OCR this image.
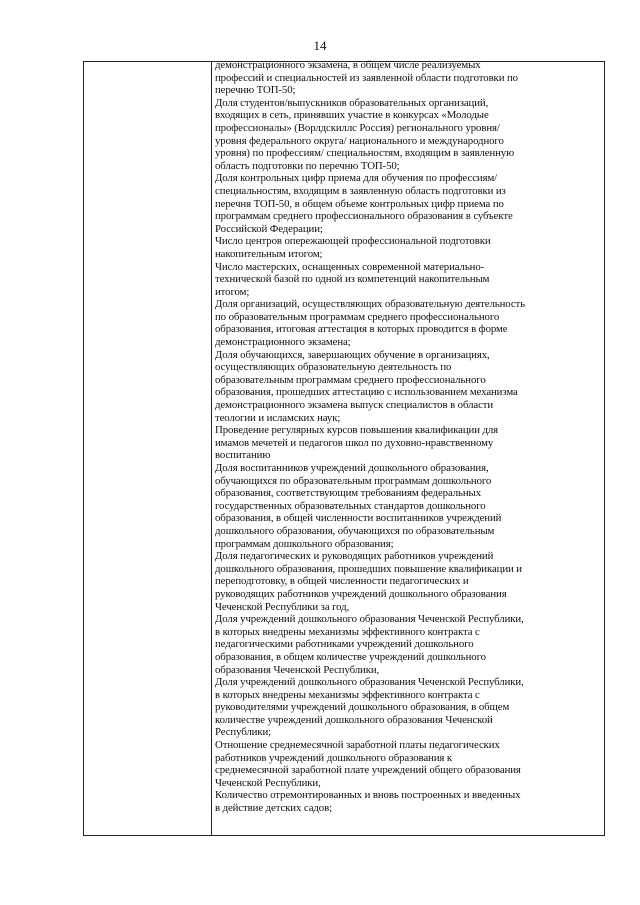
14
демонстрационного экзамена, в общем числе реализуемых
профессий и специальностей из заявленной области подготовки по
перечню ТОП-50;
Доля студентов/выпускников образовательных организаций,
входящих в сеть, принявших участие в конкурсах «Молодые
профессионалы» (Ворлдскиллс Россия) регионального уровня/
уровня федерального округа/ национального и международного
уровня) по профессиям/ специальностям, входящим в заявленную
область подготовки по перечню ТОП-50;
Доля контрольных цифр приема для обучения по профессиям/
специальностям, входящим в заявленную область подготовки из
перечня ТОП-50, в общем объеме контрольных цифр приема по
программам среднего профессионального образования в субъекте
Российской Федерации;
Число центров опережающей профессиональной подготовки
накопительным итогом;
Число мастерских, оснащенных современной материально-
технической базой по одной из компетенций накопительным
итогом;
Доля организаций, осуществляющих образовательную деятельность
по образовательным программам среднего профессионального
образования, итоговая аттестация в которых проводится в форме
демонстрационного экзамена;
Доля обучающихся, завершающих обучение в организациях,
осуществляющих образовательную деятельность по
образовательным программам среднего профессионального
образования, прошедших аттестацию с использованием механизма
демонстрационного экзамена выпуск специалистов в области
теологии и исламских наук;
Проведение регулярных курсов повышения квалификации для
имамов мечетей и педагогов школ по духовно-нравственному
воспитанию
Доля воспитанников учреждений дошкольного образования,
обучающихся по образовательным программам дошкольного
образования, соответствующим требованиям федеральных
государственных образовательных стандартов дошкольного
образования, в общей численности воспитанников учреждений
дошкольного образования, обучающихся по образовательным
программам дошкольного образования;
Доля педагогических и руководящих работников учреждений
дошкольного образования, прошедших повышение квалификации и
переподготовку, в общей численности педагогических и
руководящих работников учреждений дошкольного образования
Чеченской Республики за год,
Доля учреждений дошкольного образования Чеченской Республики,
в которых внедрены механизмы эффективного контракта с
педагогическими работниками учреждений дошкольного
образования, в общем количестве учреждений дошкольного
образования Чеченской Республики,
Доля учреждений дошкольного образования Чеченской Республики,
в которых внедрены механизмы эффективного контракта с
руководителями учреждений дошкольного образования, в общем
количестве учреждений дошкольного образования Чеченской
Республики;
Отношение среднемесячной заработной платы педагогических
работников учреждений дошкольного образования к
среднемесячной заработной плате учреждений общего образования
Чеченской Республики,
Количество отремонтированных и вновь построенных и введенных
в действие детских садов;
